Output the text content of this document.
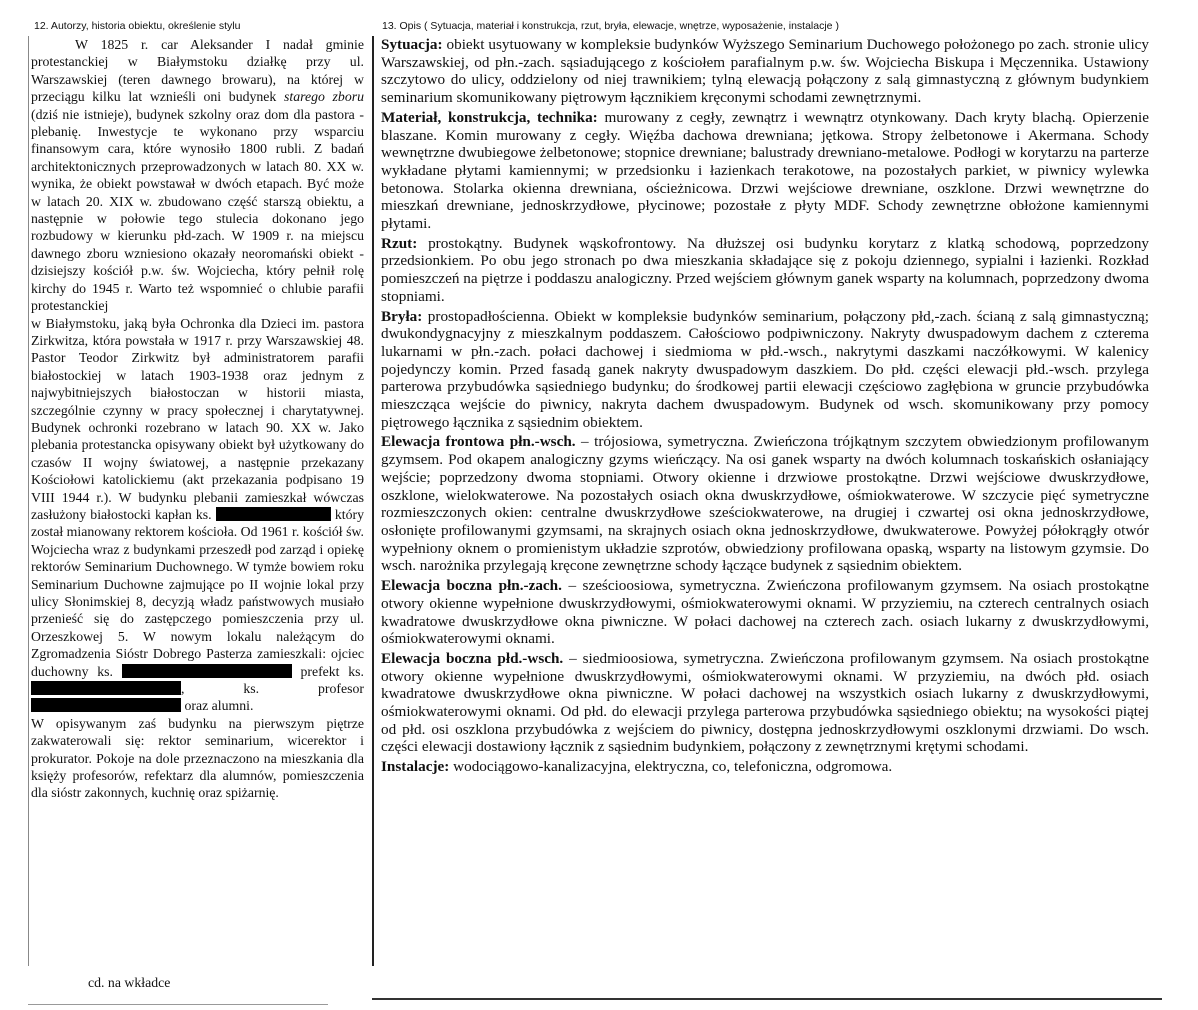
12. Autorzy, historia obiektu, określenie stylu	13. Opis ( Sytuacja, materiał i konstrukcja, rzut, bryła, elewacje, wnętrze, wyposażenie, instalacje )

W 1825 r. car Aleksander I nadał gminie protestanckiej w Białymstoku działkę przy ul. Warszawskiej (teren dawnego browaru), na której w przeciągu kilku lat wznieśli oni budynek starego zboru (dziś nie istnieje), budynek szkolny oraz dom dla pastora - plebanię. Inwestycje te wykonano przy wsparciu finansowym cara, które wynosiło 1800 rubli. Z badań architektonicznych przeprowadzonych w latach 80. XX w. wynika, że obiekt powstawał w dwóch etapach. Być może w latach 20. XIX w. zbudowano część starszą obiektu, a następnie w połowie tego stulecia dokonano jego rozbudowy w kierunku płd-zach. W 1909 r. na miejscu dawnego zboru wzniesiono okazały neoromański obiekt - dzisiejszy kościół p.w. św. Wojciecha, który pełnił rolę kirchy do 1945 r. Warto też wspomnieć o chlubie parafii protestanckiej

w Białymstoku, jaką była Ochronka dla Dzieci im. pastora Zirkwitza, która powstała w 1917 r. przy Warszawskiej 48. Pastor Teodor Zirkwitz był administratorem parafii białostockiej w latach 1903-1938 oraz jednym z najwybitniejszych białostoczan w historii miasta, szczególnie czynny w pracy społecznej i charytatywnej. Budynek ochronki rozebrano w latach 90. XX w. Jako plebania protestancka opisywany obiekt był użytkowany do czasów II wojny światowej, a następnie przekazany Kościołowi katolickiemu (akt przekazania podpisano 19 VIII 1944 r.). W budynku plebanii zamieszkał wówczas zasłużony białostocki kapłan ks.	który został mianowany rektorem kościoła. Od 1961 r. kościół św. Wojciecha wraz z budynkami przeszedł pod zarząd i opiekę rektorów Seminarium Duchownego. W tymże bowiem roku Seminarium Duchowne zajmujące po II wojnie lokal przy ulicy Słonimskiej 8, decyzją władz państwowych musiało przenieść się do zastępczego pomieszczenia przy ul. Orzeszkowej 5. W nowym lokalu należącym do Zgromadzenia Sióstr Dobrego Pasterza zamieszkali: ojciec duchowny ks.	prefekt ks. , ks. profesor  oraz alumni.

W opisywanym zaś budynku na pierwszym piętrze zakwaterowali się: rektor seminarium, wicerektor i prokurator. Pokoje na dole przeznaczono na mieszkania dla księży profesorów, refektarz dla alumnów, pomieszczenia dla sióstr zakonnych, kuchnię oraz spiżarnię.

cd. na wkładce

Sytuacja: obiekt usytuowany w kompleksie budynków Wyższego Seminarium Duchowego położonego po zach. stronie ulicy Warszawskiej, od płn.-zach. sąsiadującego z kościołem parafialnym p.w. św. Wojciecha Biskupa i Męczennika. Ustawiony szczytowo do ulicy, oddzielony od niej trawnikiem; tylną elewacją połączony z salą gimnastyczną z głównym budynkiem seminarium skomunikowany piętrowym łącznikiem kręconymi schodami zewnętrznymi.

Materiał, konstrukcja, technika: murowany z cegły, zewnątrz i wewnątrz otynkowany. Dach kryty blachą. Opierzenie blaszane. Komin murowany z cegły. Więźba dachowa drewniana; jętkowa. Stropy żelbetonowe i Akermana. Schody wewnętrzne dwubiegowe żelbetonowe; stopnice drewniane; balustrady drewniano-metalowe. Podłogi w korytarzu na parterze wykładane płytami kamiennymi; w przedsionku i łazienkach terakotowe, na pozostałych parkiet, w piwnicy wylewka betonowa. Stolarka okienna drewniana, ościeżnicowa. Drzwi wejściowe drewniane, oszklone. Drzwi wewnętrzne do mieszkań drewniane, jednoskrzydłowe, płycinowe; pozostałe z płyty MDF. Schody zewnętrzne obłożone kamiennymi płytami.

Rzut: prostokątny. Budynek wąskofrontowy. Na dłuższej osi budynku korytarz z klatką schodową, poprzedzony przedsionkiem. Po obu jego stronach po dwa mieszkania składające się z pokoju dziennego, sypialni i łazienki. Rozkład pomieszczeń na piętrze i poddaszu analogiczny. Przed wejściem głównym ganek wsparty na kolumnach, poprzedzony dwoma stopniami.

Bryła: prostopadłościenna. Obiekt w kompleksie budynków seminarium, połączony płd,-zach. ścianą z salą gimnastyczną; dwukondygnacyjny z mieszkalnym poddaszem. Całościowo podpiwniczony. Nakryty dwuspadowym dachem z czterema lukarnami w płn.-zach. połaci dachowej i siedmioma w płd.-wsch., nakrytymi daszkami naczółkowymi. W kalenicy pojedynczy komin. Przed fasadą ganek nakryty dwuspadowym daszkiem. Do płd. części elewacji płd.-wsch. przylega parterowa przybudówka sąsiedniego budynku; do środkowej partii elewacji częściowo zagłębiona w gruncie przybudówka mieszcząca wejście do piwnicy, nakryta dachem dwuspadowym. Budynek od wsch. skomunikowany przy pomocy piętrowego łącznika z sąsiednim obiektem.

Elewacja frontowa płn.-wsch. – trójosiowa, symetryczna. Zwieńczona trójkątnym szczytem obwiedzionym profilowanym gzymsem. Pod okapem analogiczny gzyms wieńczący. Na osi ganek wsparty na dwóch kolumnach toskańskich osłaniający wejście; poprzedzony dwoma stopniami. Otwory okienne i drzwiowe prostokątne. Drzwi wejściowe dwuskrzydłowe, oszklone, wielokwaterowe. Na pozostałych osiach okna dwuskrzydłowe, ośmiokwaterowe. W szczycie pięć symetryczne rozmieszczonych okien: centralne dwuskrzydłowe sześciokwaterowe, na drugiej i czwartej osi okna jednoskrzydłowe, osłonięte profilowanymi gzymsami, na skrajnych osiach okna jednoskrzydłowe, dwukwaterowe. Powyżej półokrągły otwór wypełniony oknem o promienistym układzie szprotów, obwiedziony profilowana opaską, wsparty na listowym gzymsie. Do wsch. narożnika przylegają kręcone zewnętrzne schody łączące budynek z sąsiednim obiektem.

Elewacja boczna płn.-zach. – sześcioosiowa, symetryczna. Zwieńczona profilowanym gzymsem. Na osiach prostokątne otwory okienne wypełnione dwuskrzydłowymi, ośmiokwaterowymi oknami. W przyziemiu, na czterech centralnych osiach kwadratowe dwuskrzydłowe okna piwniczne. W połaci dachowej na czterech zach. osiach lukarny z dwuskrzydłowymi, ośmiokwaterowymi oknami.

Elewacja boczna płd.-wsch. – siedmioosiowa, symetryczna. Zwieńczona profilowanym gzymsem. Na osiach prostokątne otwory okienne wypełnione dwuskrzydłowymi, ośmiokwaterowymi oknami. W przyziemiu, na dwóch płd. osiach kwadratowe dwuskrzydłowe okna piwniczne. W połaci dachowej na wszystkich osiach lukarny z dwuskrzydłowymi, ośmiokwaterowymi oknami. Od płd. do elewacji przylega parterowa przybudówka sąsiedniego obiektu; na wysokości piątej od płd. osi oszklona przybudówka z wejściem do piwnicy, dostępna jednoskrzydłowymi oszklonymi drzwiami. Do wsch. części elewacji dostawiony łącznik z sąsiednim budynkiem, połączony z zewnętrznymi krętymi schodami.

Instalacje: wodociągowo-kanalizacyjna, elektryczna, co, telefoniczna, odgromowa.
